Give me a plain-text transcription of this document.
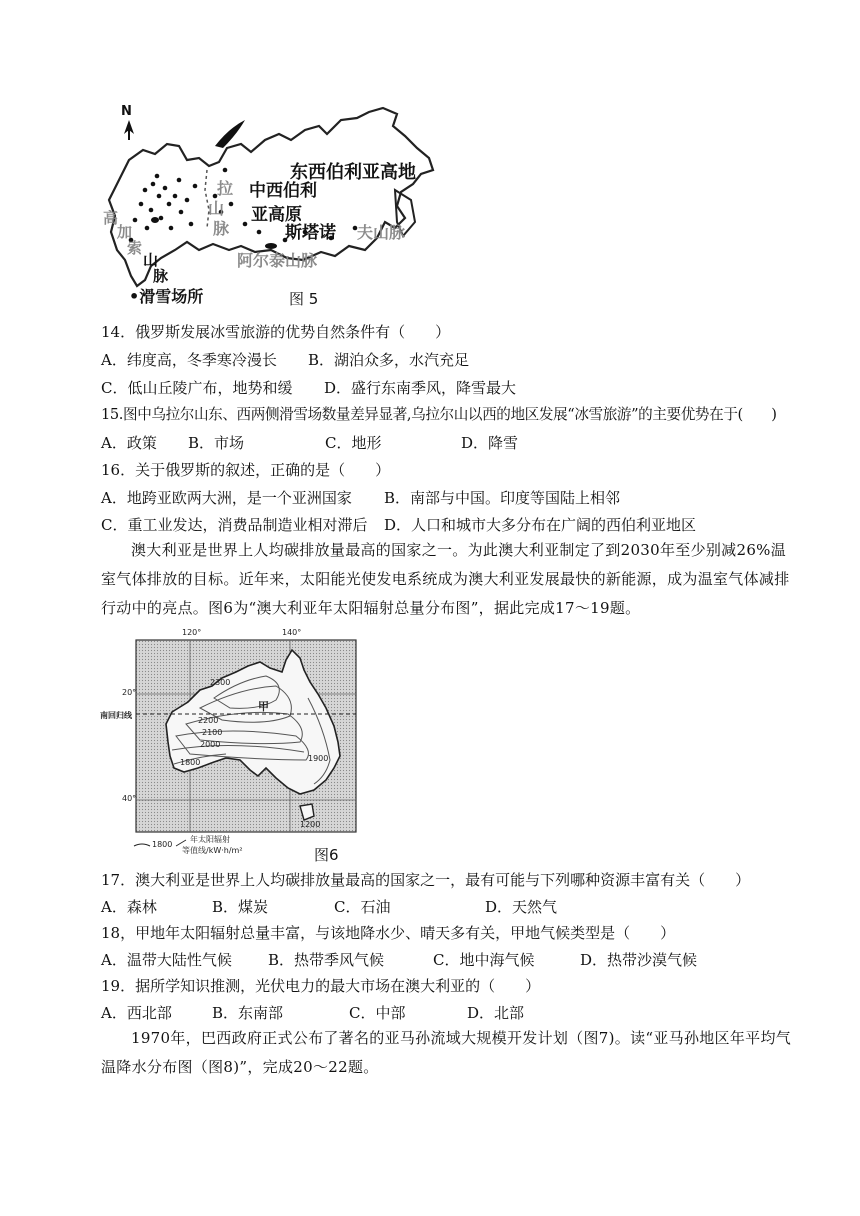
N
东西伯利亚高地
拉
山
脉
中西伯利
亚高原
斯塔诺 夫山脉
阿尔泰山脉
高
加
索
山
脉
•滑雪场所	图 5
14．俄罗斯发展冰雪旅游的优势自然条件有（　　）
A．纬度高，冬季寒冷漫长 B．湖泊众多，水汽充足
C．低山丘陵广布，地势和缓 D．盛行东南季风，降雪最大
15.图中乌拉尔山东、西两侧滑雪场数量差异显著,乌拉尔山以西的地区发展“冰雪旅游”的主要优势在于(　　)
A．政策 B．市场	C．地形	D．降雪
16．关于俄罗斯的叙述，正确的是（　　）
A．地跨亚欧两大洲，是一个亚洲国家 B．南部与中国。印度等国陆上相邻
C．重工业发达，消费品制造业相对滞后 D．人口和城市大多分布在广阔的西伯利亚地区
澳大利亚是世界上人均碳排放量最高的国家之一。为此澳大利亚制定了到2030年至少别减26%温室气体排放的目标。近年来，太阳能光使发电系统成为澳大利亚发展最快的新能源，成为温室气体减排行动中的亮点。图6为“澳大利亚年太阳辐射总量分布图”，据此完成17～19题。
120°	140°
20°
40°
南回归线
甲
2300
2200
2100
2000
1800	1900
1200
1800
年太阳辐射
等值线/kW·h/m²	图6
17．澳大利亚是世界上人均碳排放量最高的国家之一，最有可能与下列哪种资源丰富有关（　　）
A．森林	B．煤炭	C．石油	D．天然气
18，甲地年太阳辐射总量丰富，与该地降水少、晴天多有关，甲地气候类型是（　　）
A．温带大陆性气候 B．热带季风气候	C．地中海气候	D．热带沙漠气候
19．据所学知识推测，光伏电力的最大市场在澳大利亚的（　　）
A．西北部	B．东南部	C．中部	D．北部
1970年，巴西政府正式公布了著名的亚马孙流域大规模开发计划（图7)。读“亚马孙地区年平均气温降水分布图（图8)”，完成20～22题。
